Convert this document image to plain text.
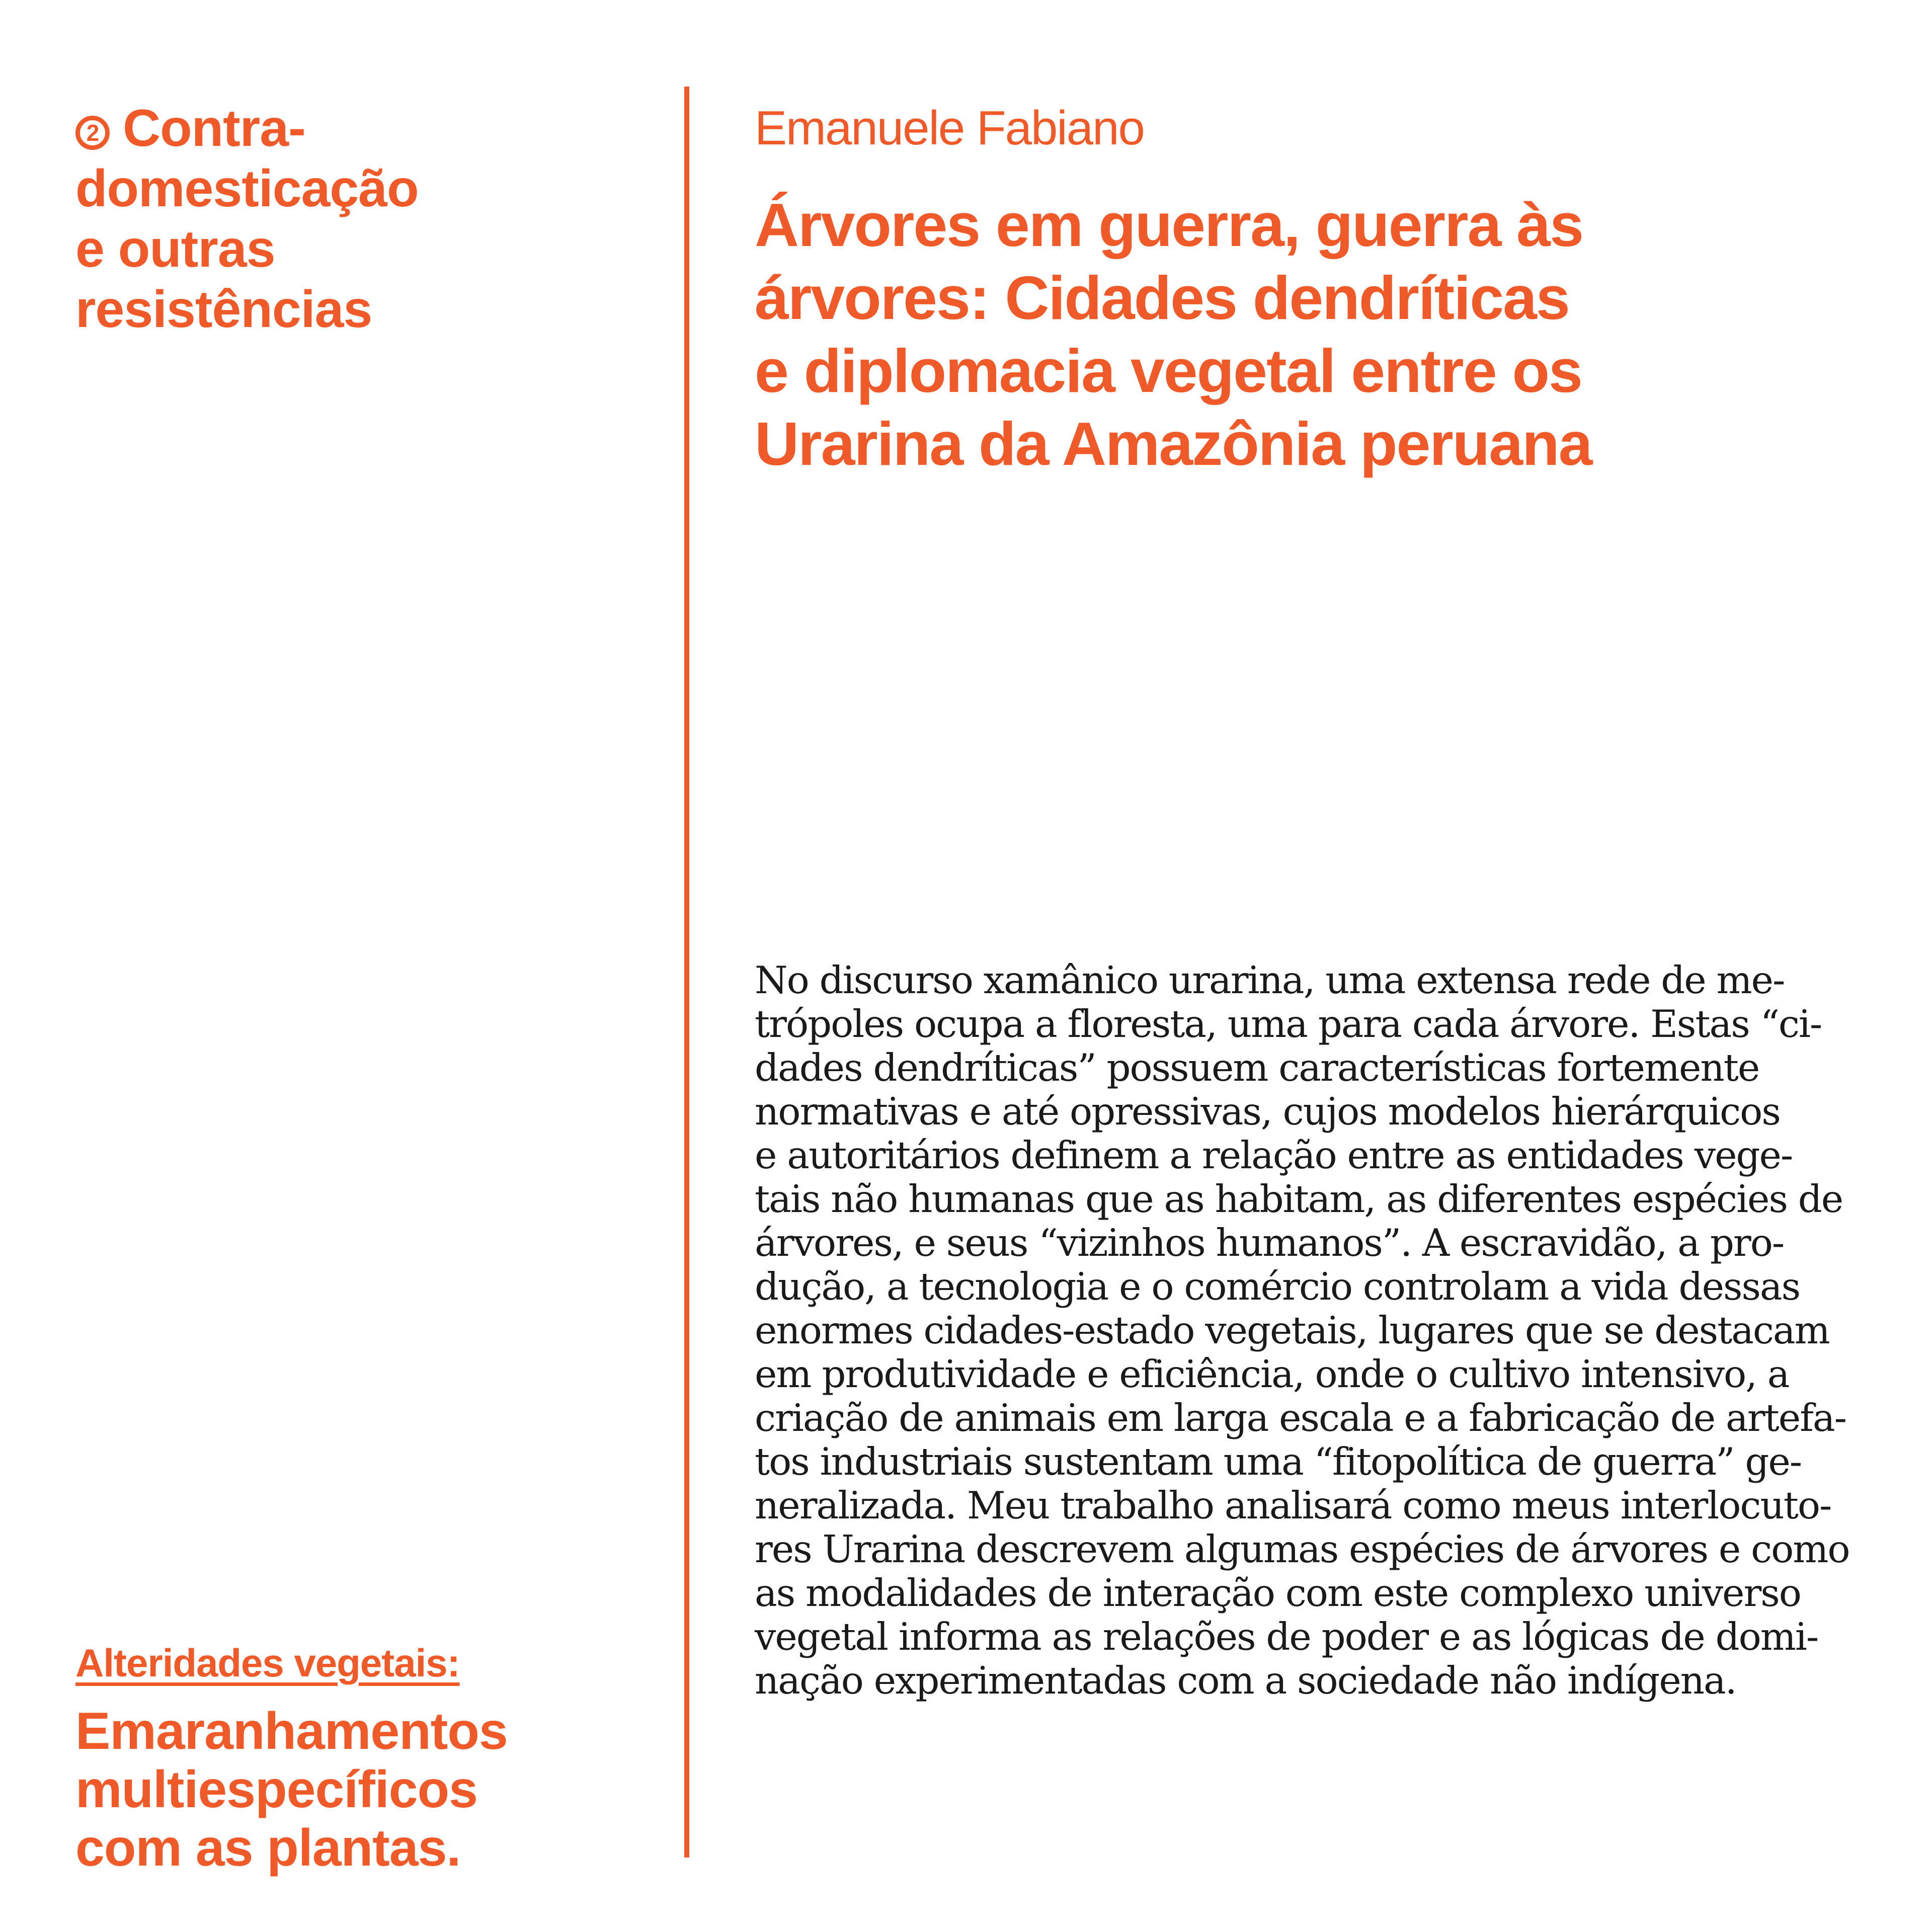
2 Contra-
domesticação
e outras
resistências

Alteridades vegetais:

Emaranhamentos
multiespecíficos
com as plantas.

Emanuele Fabiano

Árvores em guerra, guerra às
árvores: Cidades dendríticas
e diplomacia vegetal entre os
Urarina da Amazônia peruana

No discurso xamânico urarina, uma extensa rede de me-
trópoles ocupa a floresta, uma para cada árvore. Estas “ci-
dades dendríticas” possuem características fortemente
normativas e até opressivas, cujos modelos hierárquicos
e autoritários definem a relação entre as entidades vege-
tais não humanas que as habitam, as diferentes espécies de
árvores, e seus “vizinhos humanos”. A escravidão, a pro-
dução, a tecnologia e o comércio controlam a vida dessas
enormes cidades-estado vegetais, lugares que se destacam
em produtividade e eficiência, onde o cultivo intensivo, a
criação de animais em larga escala e a fabricação de artefa-
tos industriais sustentam uma “fitopolítica de guerra” ge-
neralizada. Meu trabalho analisará como meus interlocuto-
res Urarina descrevem algumas espécies de árvores e como
as modalidades de interação com este complexo universo
vegetal informa as relações de poder e as lógicas de domi-
nação experimentadas com a sociedade não indígena.
